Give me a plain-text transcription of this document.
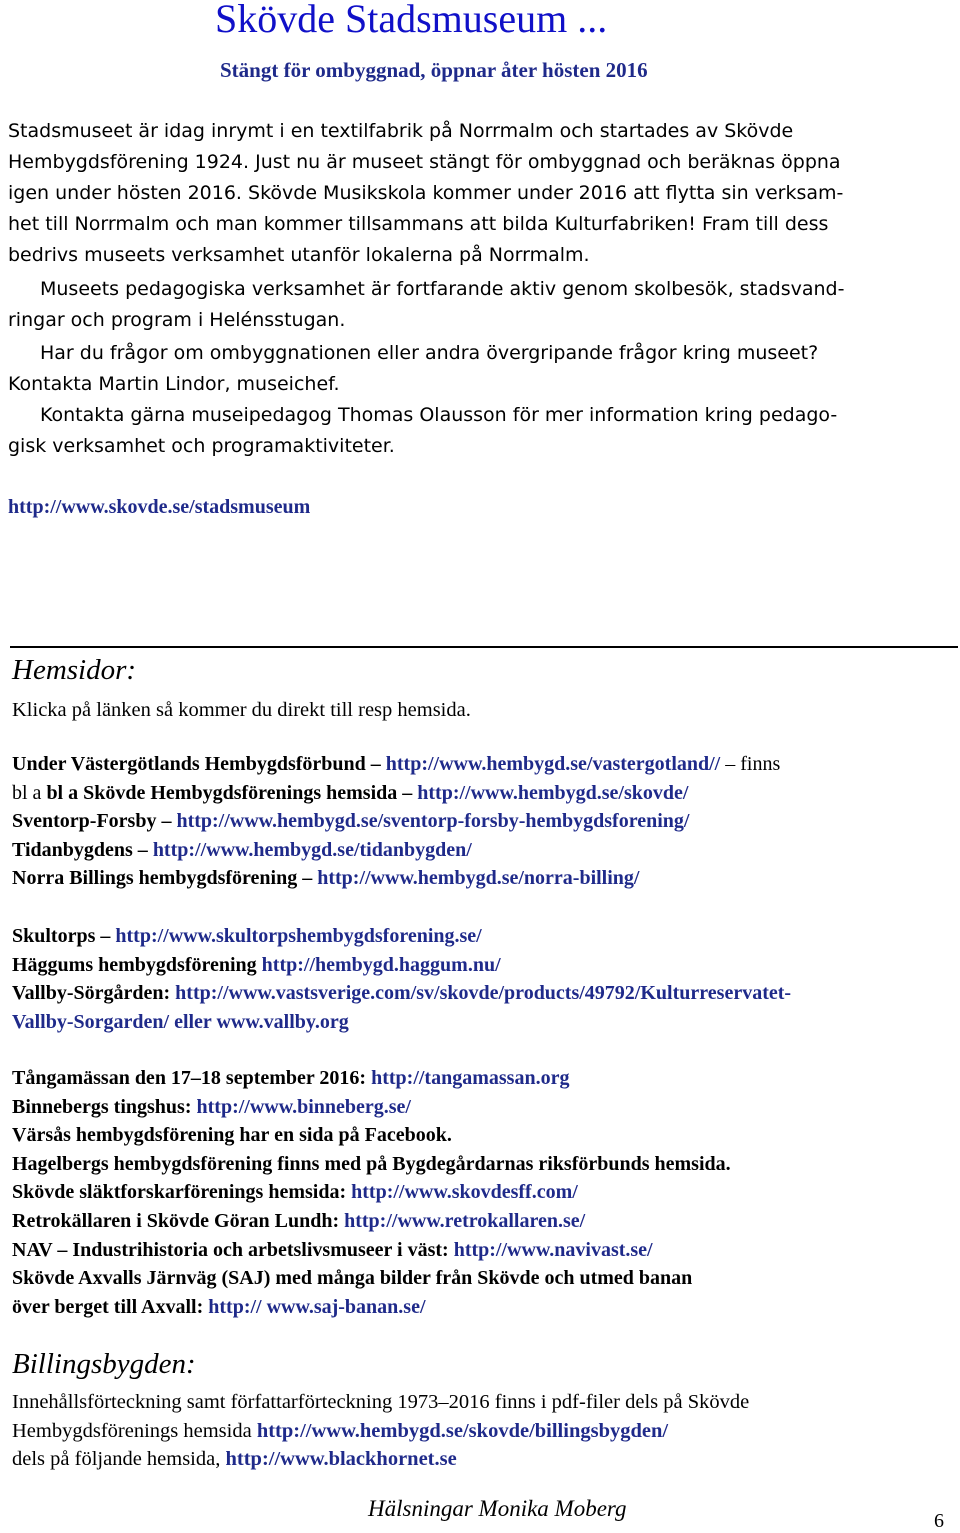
Skövde Stadsmuseum ...
Stängt för ombyggnad, öppnar åter hösten 2016

Stadsmuseet är idag inrymt i en textilfabrik på Norrmalm och startades av Skövde

Hembygdsförening 1924. Just nu är museet stängt för ombyggnad och beräknas öppna

igen under hösten 2016. Skövde Musikskola kommer under 2016 att flytta sin verksam-

het till Norrmalm och man kommer tillsammans att bilda Kulturfabriken! Fram till dess

bedrivs museets verksamhet utanför lokalerna på Norrmalm.

Museets pedagogiska verksamhet är fortfarande aktiv genom skolbesök, stadsvand-

ringar och program i Helénsstugan.

Har du frågor om ombyggnationen eller andra övergripande frågor kring museet?

Kontakta Martin Lindor, museichef.

Kontakta gärna museipedagog Thomas Olausson för mer information kring pedago-

gisk verksamhet och programaktiviteter.

http://www.skovde.se/stadsmuseum
Hemsidor:
Klicka på länken så kommer du direkt till resp hemsida.
Under Västergötlands Hembygdsförbund – http://www.hembygd.se/vastergotland// – finns
bl a bl a Skövde Hembygdsförenings hemsida – http://www.hembygd.se/skovde/
Sventorp-Forsby – http://www.hembygd.se/sventorp-forsby-hembygdsforening/
Tidanbygdens – http://www.hembygd.se/tidanbygden/
Norra Billings hembygdsförening – http://www.hembygd.se/norra-billing/
Skultorps – http://www.skultorpshembygdsforening.se/
Häggums hembygdsförening http://hembygd.haggum.nu/
Vallby-Sörgården: http://www.vastsverige.com/sv/skovde/products/49792/Kulturreservatet-
Vallby-Sorgarden/ eller www.vallby.org
Tångamässan den 17–18 september 2016: http://tangamassan.org
Binnebergs tingshus: http://www.binneberg.se/
Värsås hembygdsförening har en sida på Facebook.
Hagelbergs hembygdsförening finns med på Bygdegårdarnas riksförbunds hemsida.
Skövde släktforskarförenings hemsida: http://www.skovdesff.com/
Retrokällaren i Skövde Göran Lundh: http://www.retrokallaren.se/
NAV – Industrihistoria och arbetslivsmuseer i väst: http://www.navivast.se/
Skövde Axvalls Järnväg (SAJ) med många bilder från Skövde och utmed banan
över berget till Axvall: http:// www.saj-banan.se/
Billingsbygden:
Innehållsförteckning samt författarförteckning 1973–2016 finns i pdf-filer dels på Skövde
Hembygdsförenings hemsida http://www.hembygd.se/skovde/billingsbygden/
dels på följande hemsida, http://www.blackhornet.se
Hälsningar Monika Moberg	6
